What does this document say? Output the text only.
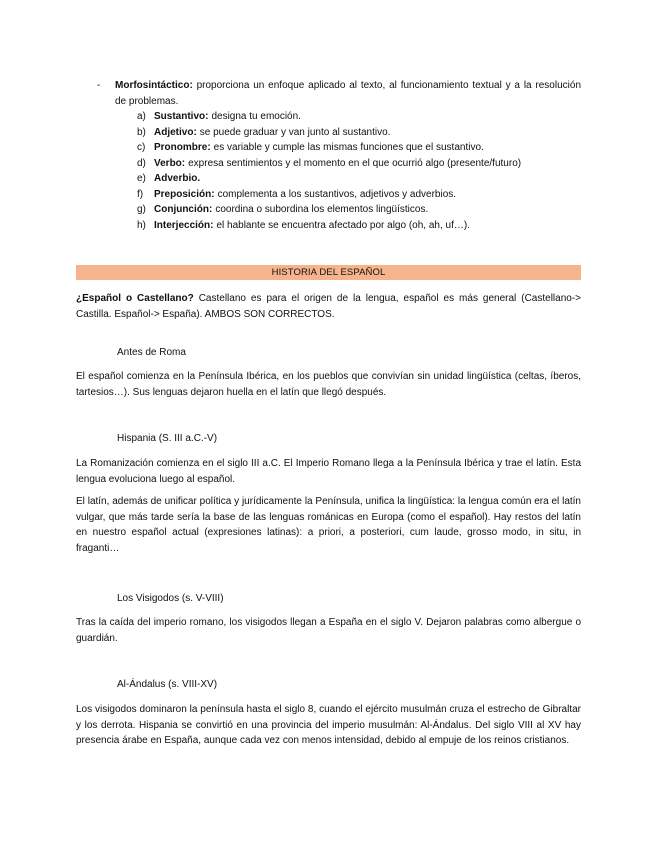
- Morfosintáctico: proporciona un enfoque aplicado al texto, al funcionamiento textual y a la resolución de problemas.
a) Sustantivo: designa tu emoción.
b) Adjetivo: se puede graduar y van junto al sustantivo.
c) Pronombre: es variable y cumple las mismas funciones que el sustantivo.
d) Verbo: expresa sentimientos y el momento en el que ocurrió algo (presente/futuro)
e) Adverbio.
f)	Preposición: complementa a los sustantivos, adjetivos y adverbios.
g) Conjunción: coordina o subordina los elementos lingüísticos.
h) Interjección: el hablante se encuentra afectado por algo (oh, ah, uf…).
HISTORIA DEL ESPAÑOL

¿Español o Castellano? Castellano es para el origen de la lengua, español es más general (Castellano-> Castilla. Español-> España). AMBOS SON CORRECTOS.

Antes de Roma

El español comienza en la Península Ibérica, en los pueblos que convivían sin unidad lingüística (celtas, íberos, tartesios…). Sus lenguas dejaron huella en el latín que llegó después.

Hispania (S. III a.C.-V)

La Romanización comienza en el siglo III a.C. El Imperio Romano llega a la Península Ibérica y trae el latín. Esta lengua evoluciona luego al español.

El latín, además de unificar política y jurídicamente la Península, unifica la lingüística: la lengua común era el latín vulgar, que más tarde sería la base de las lenguas románicas en Europa (como el español). Hay restos del latín en nuestro español actual (expresiones latinas): a priori, a posteriori, cum laude, grosso modo, in situ, in fraganti…

Los Visigodos (s. V-VIII)

Tras la caída del imperio romano, los visigodos llegan a España en el siglo V. Dejaron palabras como albergue o guardián.

Al-Ándalus (s. VIII-XV)

Los visigodos dominaron la península hasta el siglo 8, cuando el ejército musulmán cruza el estrecho de Gibraltar y los derrota. Hispania se convirtió en una provincia del imperio musulmán: Al-Ándalus. Del siglo VIII al XV hay presencia árabe en España, aunque cada vez con menos intensidad, debido al empuje de los reinos cristianos.
